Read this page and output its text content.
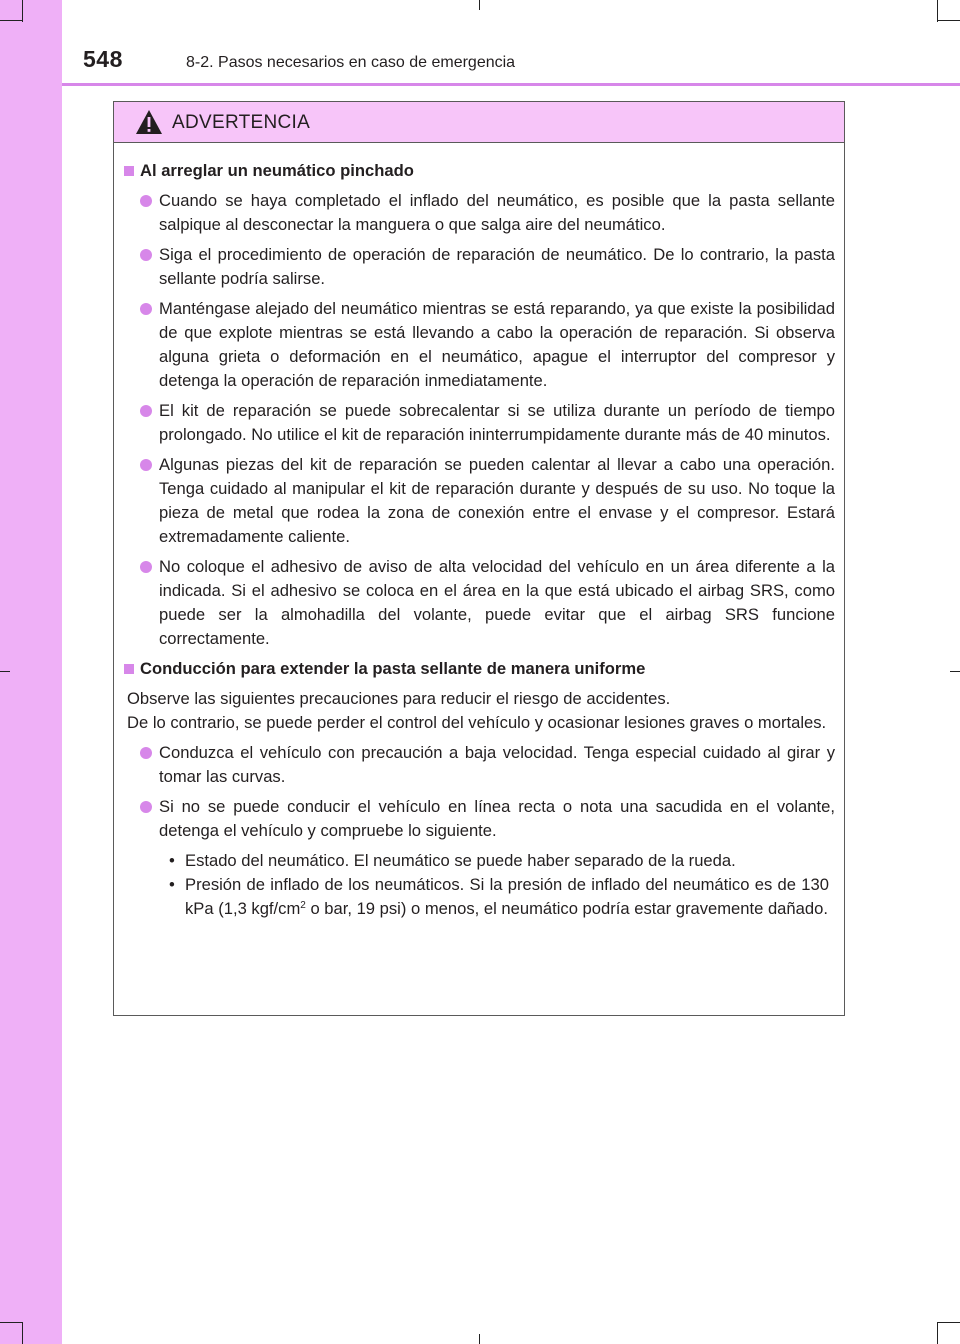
548	8-2. Pasos necesarios en caso de emergencia
ADVERTENCIA
Al arreglar un neumático pinchado
Cuando se haya completado el inflado del neumático, es posible que la pasta sellante salpique al desconectar la manguera o que salga aire del neumático.
Siga el procedimiento de operación de reparación de neumático. De lo contrario, la pasta sellante podría salirse.
Manténgase alejado del neumático mientras se está reparando, ya que existe la posibilidad de que explote mientras se está llevando a cabo la operación de reparación. Si observa alguna grieta o deformación en el neumático, apague el interruptor del compresor y detenga la operación de reparación inmediatamente.
El kit de reparación se puede sobrecalentar si se utiliza durante un período de tiempo prolongado. No utilice el kit de reparación ininterrumpidamente durante más de 40 minutos.
Algunas piezas del kit de reparación se pueden calentar al llevar a cabo una operación. Tenga cuidado al manipular el kit de reparación durante y después de su uso. No toque la pieza de metal que rodea la zona de conexión entre el envase y el compresor. Estará extremadamente caliente.
No coloque el adhesivo de aviso de alta velocidad del vehículo en un área diferente a la indicada. Si el adhesivo se coloca en el área en la que está ubicado el airbag SRS, como puede ser la almohadilla del volante, puede evitar que el airbag SRS funcione correctamente.
Conducción para extender la pasta sellante de manera uniforme
Observe las siguientes precauciones para reducir el riesgo de accidentes.
De lo contrario, se puede perder el control del vehículo y ocasionar lesiones graves o mortales.
Conduzca el vehículo con precaución a baja velocidad. Tenga especial cuidado al girar y tomar las curvas.
Si no se puede conducir el vehículo en línea recta o nota una sacudida en el volante, detenga el vehículo y compruebe lo siguiente.
• Estado del neumático. El neumático se puede haber separado de la rueda.
• Presión de inflado de los neumáticos. Si la presión de inflado del neumático es de 130 kPa (1,3 kgf/$cm^2$ o bar, 19 psi) o menos, el neumático podría estar gravemente dañado.
